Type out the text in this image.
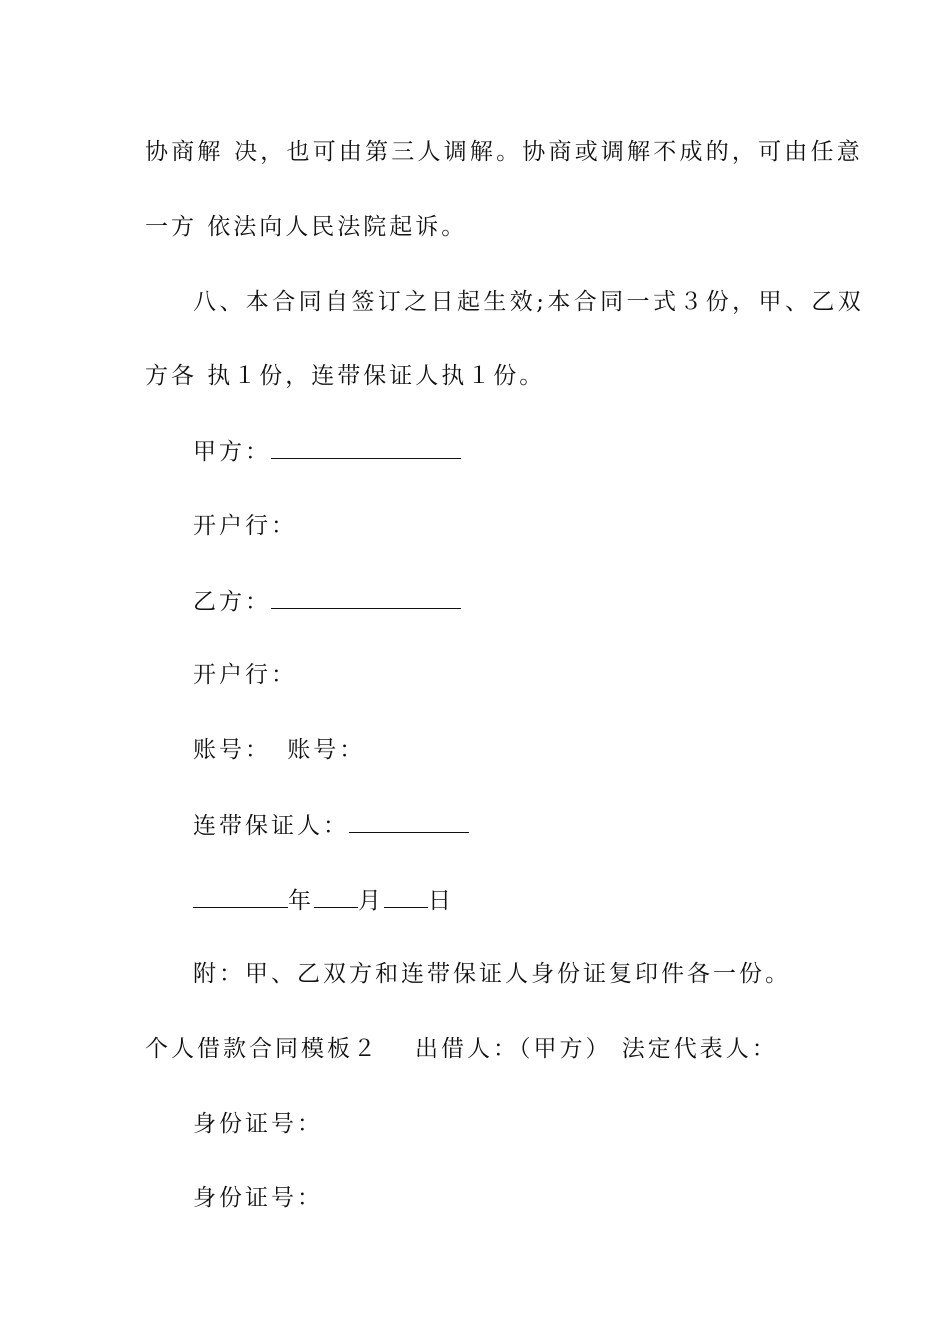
协商解 决，也可由第三人调解。协商或调解不成的，可由任意
一方 依法向人民法院起诉。
八、本合同自签订之日起生效;本合同一式３份，甲、乙双
方各 执１份，连带保证人执１份。
甲方：
开户行：
乙方：
开户行：
账号： 账号：
连带保证人：
年 月 日
附：甲、乙双方和连带保证人身份证复印件各一份。
个人借款合同模板２ 出借人：（甲方） 法定代表人：
身份证号：
身份证号：
